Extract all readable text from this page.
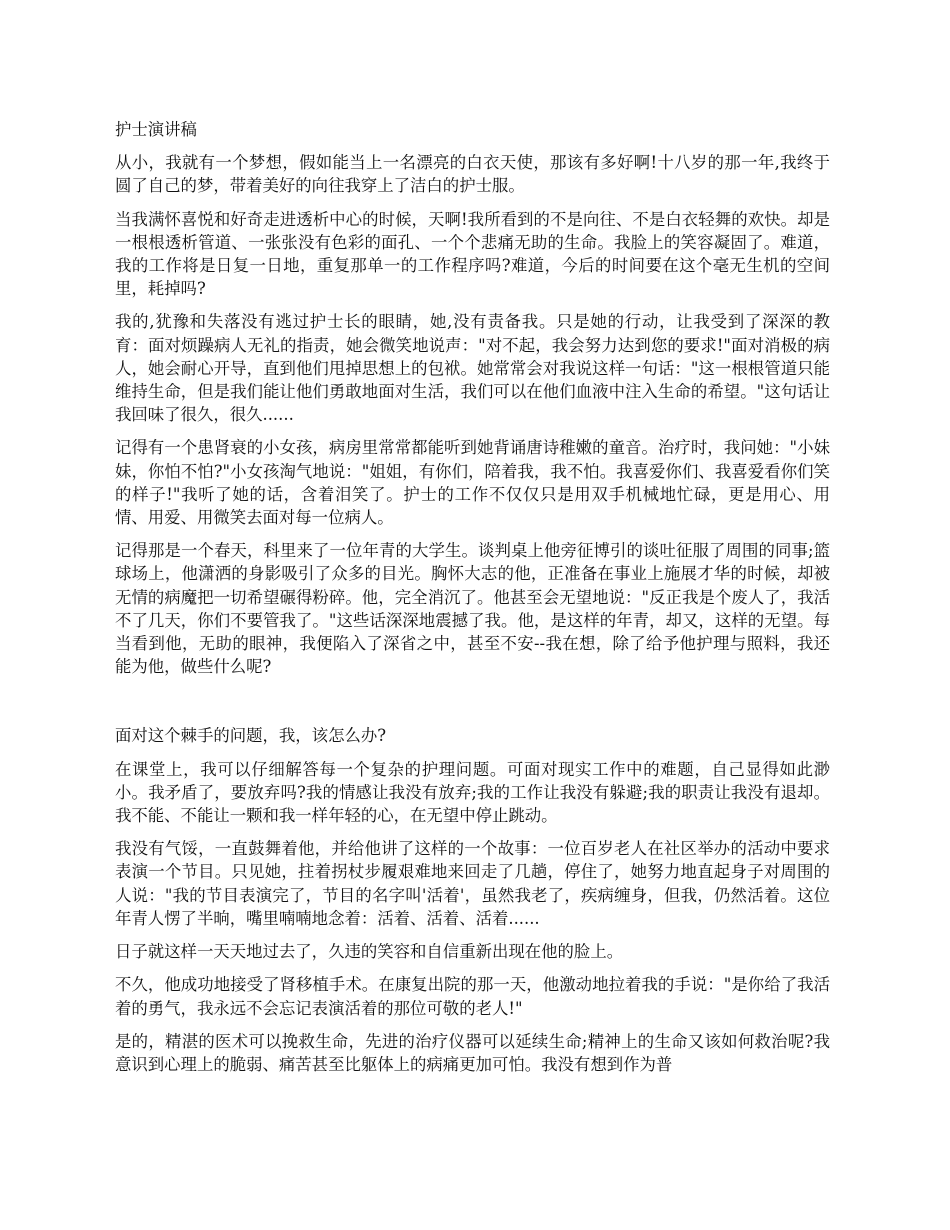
护士演讲稿

从小，我就有一个梦想，假如能当上一名漂亮的白衣天使，那该有多好啊!十八岁的那一年,我终于圆了自己的梦，带着美好的向往我穿上了洁白的护士服。

当我满怀喜悦和好奇走进透析中心的时候，天啊!我所看到的不是向往、不是白衣轻舞的欢快。却是一根根透析管道、一张张没有色彩的面孔、一个个悲痛无助的生命。我脸上的笑容凝固了。难道，我的工作将是日复一日地，重复那单一的工作程序吗?难道，今后的时间要在这个毫无生机的空间里，耗掉吗?

我的,犹豫和失落没有逃过护士长的眼睛，她,没有责备我。只是她的行动，让我受到了深深的教育：面对烦躁病人无礼的指责，她会微笑地说声："对不起，我会努力达到您的要求!"面对消极的病人，她会耐心开导，直到他们甩掉思想上的包袱。她常常会对我说这样一句话："这一根根管道只能维持生命，但是我们能让他们勇敢地面对生活，我们可以在他们血液中注入生命的希望。"这句话让我回味了很久，很久......

记得有一个患肾衰的小女孩，病房里常常都能听到她背诵唐诗稚嫩的童音。治疗时，我问她："小妹妹，你怕不怕?"小女孩淘气地说："姐姐，有你们，陪着我，我不怕。我喜爱你们、我喜爱看你们笑的样子!"我听了她的话，含着泪笑了。护士的工作不仅仅只是用双手机械地忙碌，更是用心、用情、用爱、用微笑去面对每一位病人。

记得那是一个春天，科里来了一位年青的大学生。谈判桌上他旁征博引的谈吐征服了周围的同事;篮球场上，他潇洒的身影吸引了众多的目光。胸怀大志的他，正准备在事业上施展才华的时候，却被无情的病魔把一切希望碾得粉碎。他，完全消沉了。他甚至会无望地说："反正我是个废人了，我活不了几天，你们不要管我了。"这些话深深地震撼了我。他，是这样的年青，却又，这样的无望。每当看到他，无助的眼神，我便陷入了深省之中，甚至不安--我在想，除了给予他护理与照料，我还能为他，做些什么呢?

面对这个棘手的问题，我，该怎么办?

在课堂上，我可以仔细解答每一个复杂的护理问题。可面对现实工作中的难题，自己显得如此渺小。我矛盾了，要放弃吗?我的情感让我没有放弃;我的工作让我没有躲避;我的职责让我没有退却。我不能、不能让一颗和我一样年轻的心，在无望中停止跳动。

我没有气馁，一直鼓舞着他，并给他讲了这样的一个故事：一位百岁老人在社区举办的活动中要求表演一个节目。只见她，拄着拐杖步履艰难地来回走了几趟，停住了，她努力地直起身子对周围的人说："我的节目表演完了，节目的名字叫'活着'，虽然我老了，疾病缠身，但我，仍然活着。这位年青人愣了半晌，嘴里喃喃地念着：活着、活着、活着......

日子就这样一天天地过去了，久违的笑容和自信重新出现在他的脸上。

不久，他成功地接受了肾移植手术。在康复出院的那一天，他激动地拉着我的手说："是你给了我活着的勇气，我永远不会忘记表演活着的那位可敬的老人!"

是的，精湛的医术可以挽救生命，先进的治疗仪器可以延续生命;精神上的生命又该如何救治呢?我意识到心理上的脆弱、痛苦甚至比躯体上的病痛更加可怕。我没有想到作为普
